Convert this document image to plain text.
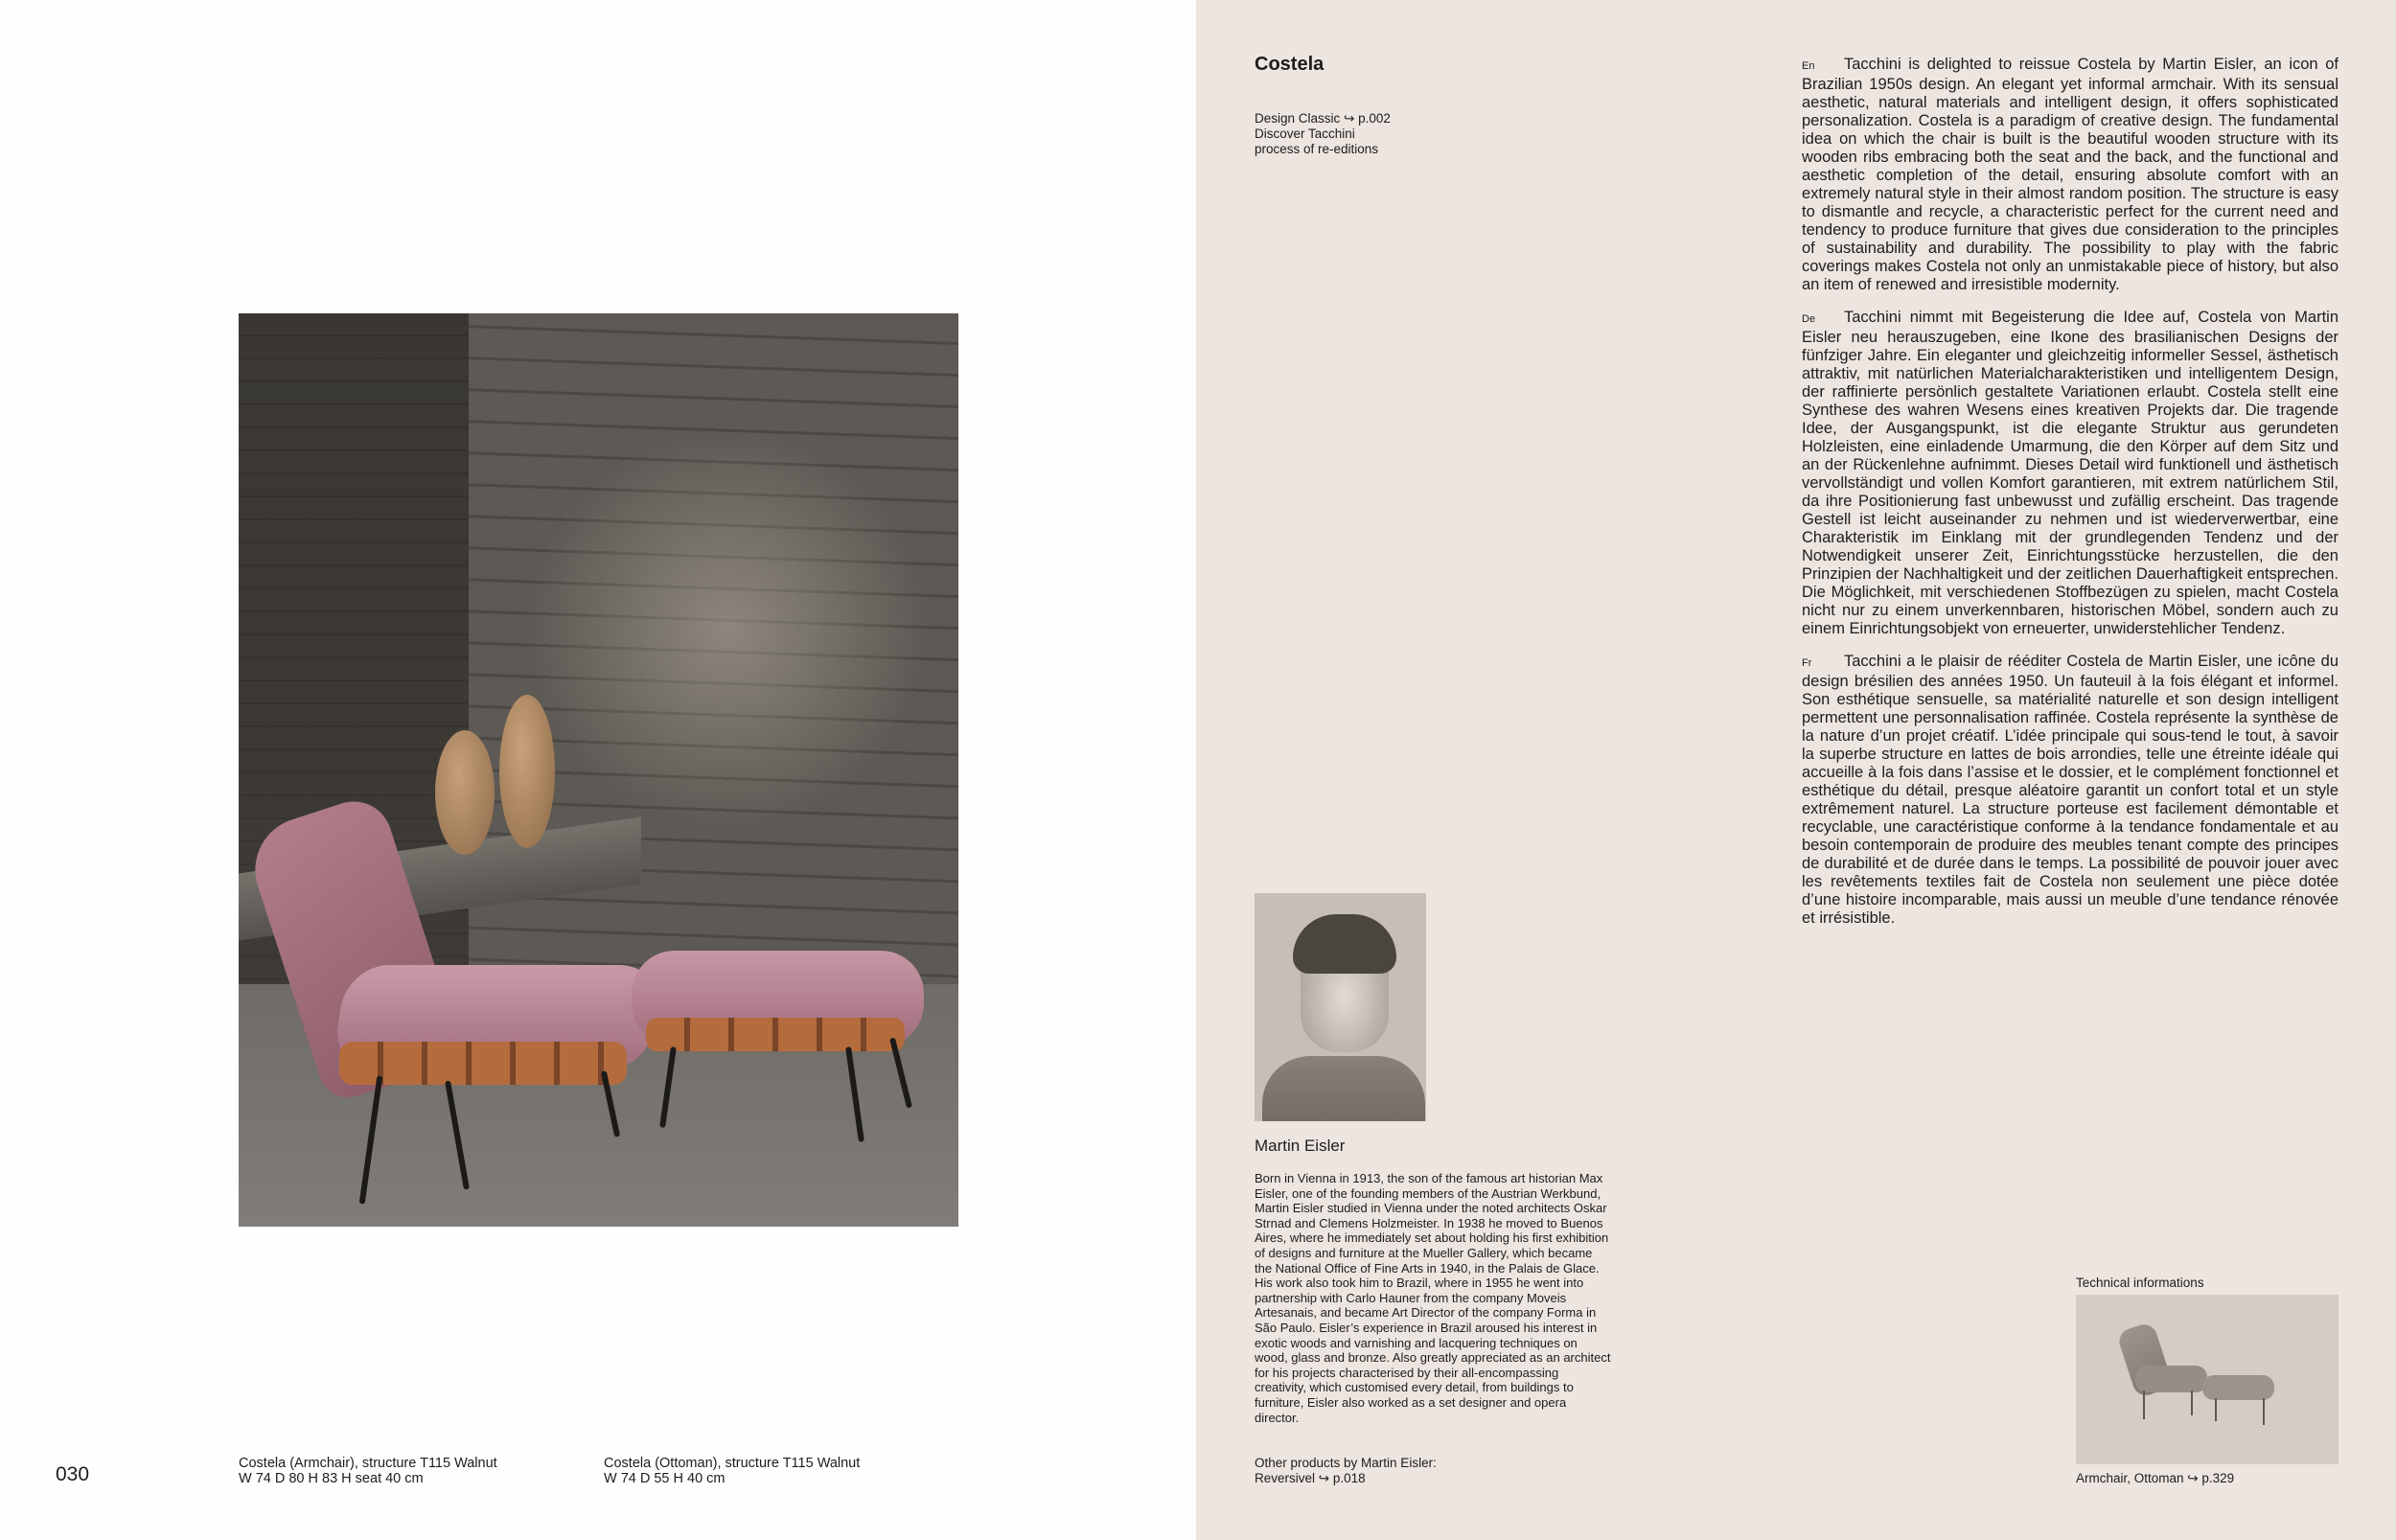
030	Costela (Armchair), structure T115 Walnut
W 74 D 80 H 83 H seat 40 cm
Costela (Ottoman), structure T115 Walnut
W 74 D 55 H 40 cm
Costela
Design Classic ↪ p.002
Discover Tacchini
process of re-editions

En Tacchini is delighted to reissue Costela by Martin Eisler, an icon of Brazilian 1950s design. An elegant yet informal armchair. With its sensual aesthetic, natural materials and intelligent design, it offers sophisticated personalization. Costela is a paradigm of creative design. The fundamental idea on which the chair is built is the beautiful wooden structure with its wooden ribs embracing both the seat and the back, and the functional and aesthetic completion of the detail, ensuring absolute comfort with an extremely natural style in their almost random position. The structure is easy to dismantle and recycle, a characteristic perfect for the current need and tendency to produce furniture that gives due consideration to the principles of sustainability and durability. The possibility to play with the fabric coverings makes Costela not only an unmistakable piece of history, but also an item of renewed and irresistible modernity.

De Tacchini nimmt mit Begeisterung die Idee auf, Costela von Martin Eisler neu herauszugeben, eine Ikone des brasilianischen Designs der fünfziger Jahre. Ein eleganter und gleichzeitig informeller Sessel, ästhetisch attraktiv, mit natürlichen Materialcharakteristiken und intelligentem Design, der raffinierte persönlich gestaltete Variationen erlaubt. Costela stellt eine Synthese des wahren Wesens eines kreativen Projekts dar. Die tragende Idee, der Ausgangspunkt, ist die elegante Struktur aus gerundeten Holzleisten, eine einladende Umarmung, die den Körper auf dem Sitz und an der Rückenlehne aufnimmt. Dieses Detail wird funktionell und ästhetisch vervollständigt und vollen Komfort garantieren, mit extrem natürlichem Stil, da ihre Positionierung fast unbewusst und zufällig erscheint. Das tragende Gestell ist leicht auseinander zu nehmen und ist wiederverwertbar, eine Charakteristik im Einklang mit der grundlegenden Tendenz und der Notwendigkeit unserer Zeit, Einrichtungsstücke herzustellen, die den Prinzipien der Nachhaltigkeit und der zeitlichen Dauerhaftigkeit entsprechen. Die Möglichkeit, mit verschiedenen Stoffbezügen zu spielen, macht Costela nicht nur zu einem unverkennbaren, historischen Möbel, sondern auch zu einem Einrichtungsobjekt von erneuerter, unwiderstehlicher Tendenz.

Fr Tacchini a le plaisir de rééditer Costela de Martin Eisler, une icône du design brésilien des années 1950. Un fauteuil à la fois élégant et informel. Son esthétique sensuelle, sa matérialité naturelle et son design intelligent permettent une personnalisation raffinée. Costela représente la synthèse de la nature d’un projet créatif. L’idée principale qui sous-tend le tout, à savoir la superbe structure en lattes de bois arrondies, telle une étreinte idéale qui accueille à la fois dans l’assise et le dossier, et le complément fonctionnel et esthétique du détail, presque aléatoire garantit un confort total et un style extrêmement naturel. La structure porteuse est facilement démontable et recyclable, une caractéristique conforme à la tendance fondamentale et au besoin contemporain de produire des meubles tenant compte des principes de durabilité et de durée dans le temps. La possibilité de pouvoir jouer avec les revêtements textiles fait de Costela non seulement une pièce dotée d’une histoire incomparable, mais aussi un meuble d’une tendance rénovée et irrésistible.

Martin Eisler
Born in Vienna in 1913, the son of the famous art historian Max Eisler, one of the founding members of the Austrian Werkbund, Martin Eisler studied in Vienna under the noted architects Oskar Strnad and Clemens Holzmeister. In 1938 he moved to Buenos Aires, where he immediately set about holding his first exhibition of designs and furniture at the Mueller Gallery, which became the National Office of Fine Arts in 1940, in the Palais de Glace. His work also took him to Brazil, where in 1955 he went into partnership with Carlo Hauner from the company Moveis Artesanais, and became Art Director of the company Forma in São Paulo. Eisler’s experience in Brazil aroused his interest in exotic woods and varnishing and lacquering techniques on wood, glass and bronze. Also greatly appreciated as an architect for his projects characterised by their all-encompassing creativity, which customised every detail, from buildings to furniture, Eisler also worked as a set designer and opera director.
Other products by Martin Eisler:
Reversivel ↪ p.018
Technical informations
Armchair, Ottoman ↪ p.329
